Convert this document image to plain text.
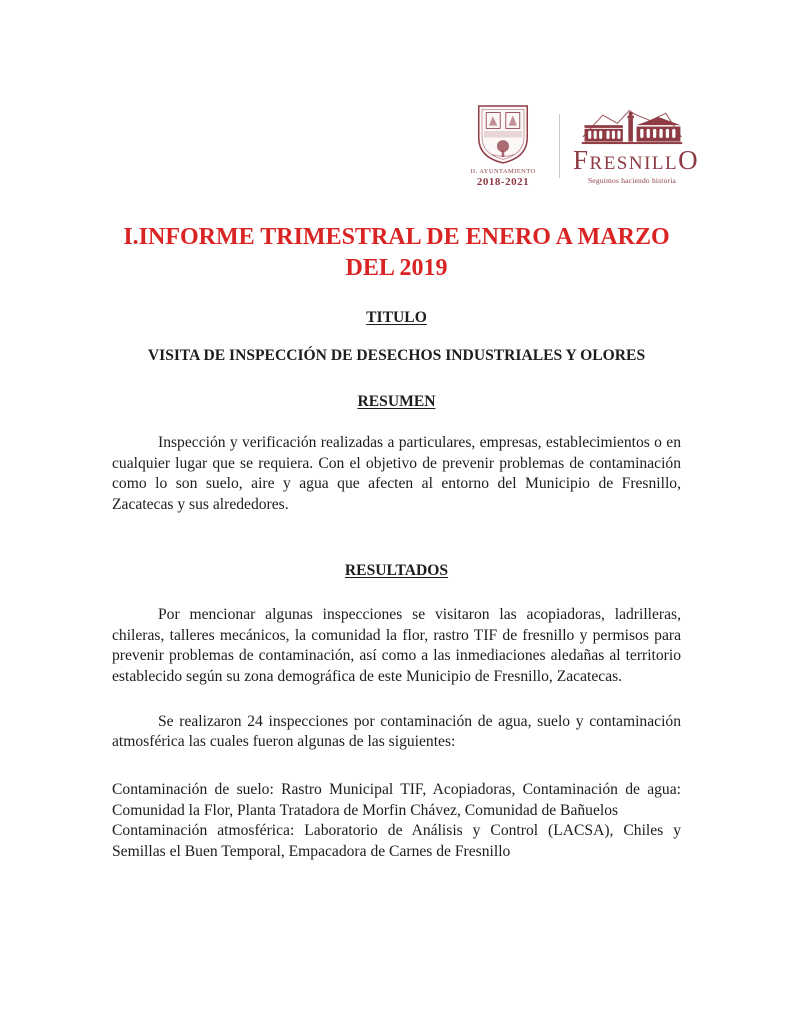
II. AYUNTAMIENTO
2018-2021
FRESNILLO
Seguimos haciendo historia
I.INFORME TRIMESTRAL DE ENERO A MARZO DEL 2019
TITULO
VISITA DE INSPECCIÓN DE DESECHOS INDUSTRIALES Y OLORES
RESUMEN

Inspección y verificación realizadas a particulares, empresas, establecimientos o en cualquier lugar que se requiera. Con el objetivo de prevenir problemas de contaminación como lo son suelo, aire y agua que afecten al entorno del Municipio de Fresnillo, Zacatecas y sus alrededores.

RESULTADOS

Por mencionar algunas inspecciones se visitaron las acopiadoras, ladrilleras, chileras, talleres mecánicos, la comunidad la flor, rastro TIF de fresnillo y permisos para prevenir problemas de contaminación, así como a las inmediaciones aledañas al territorio establecido según su zona demográfica de este Municipio de Fresnillo, Zacatecas.

Se realizaron 24 inspecciones por contaminación de agua, suelo y contaminación atmosférica las cuales fueron algunas de las siguientes:

Contaminación de suelo: Rastro Municipal TIF, Acopiadoras, Contaminación de agua: Comunidad la Flor, Planta Tratadora de Morfin Chávez, Comunidad de Bañuelos

Contaminación atmosférica: Laboratorio de Análisis y Control (LACSA), Chiles y Semillas el Buen Temporal, Empacadora de Carnes de Fresnillo
